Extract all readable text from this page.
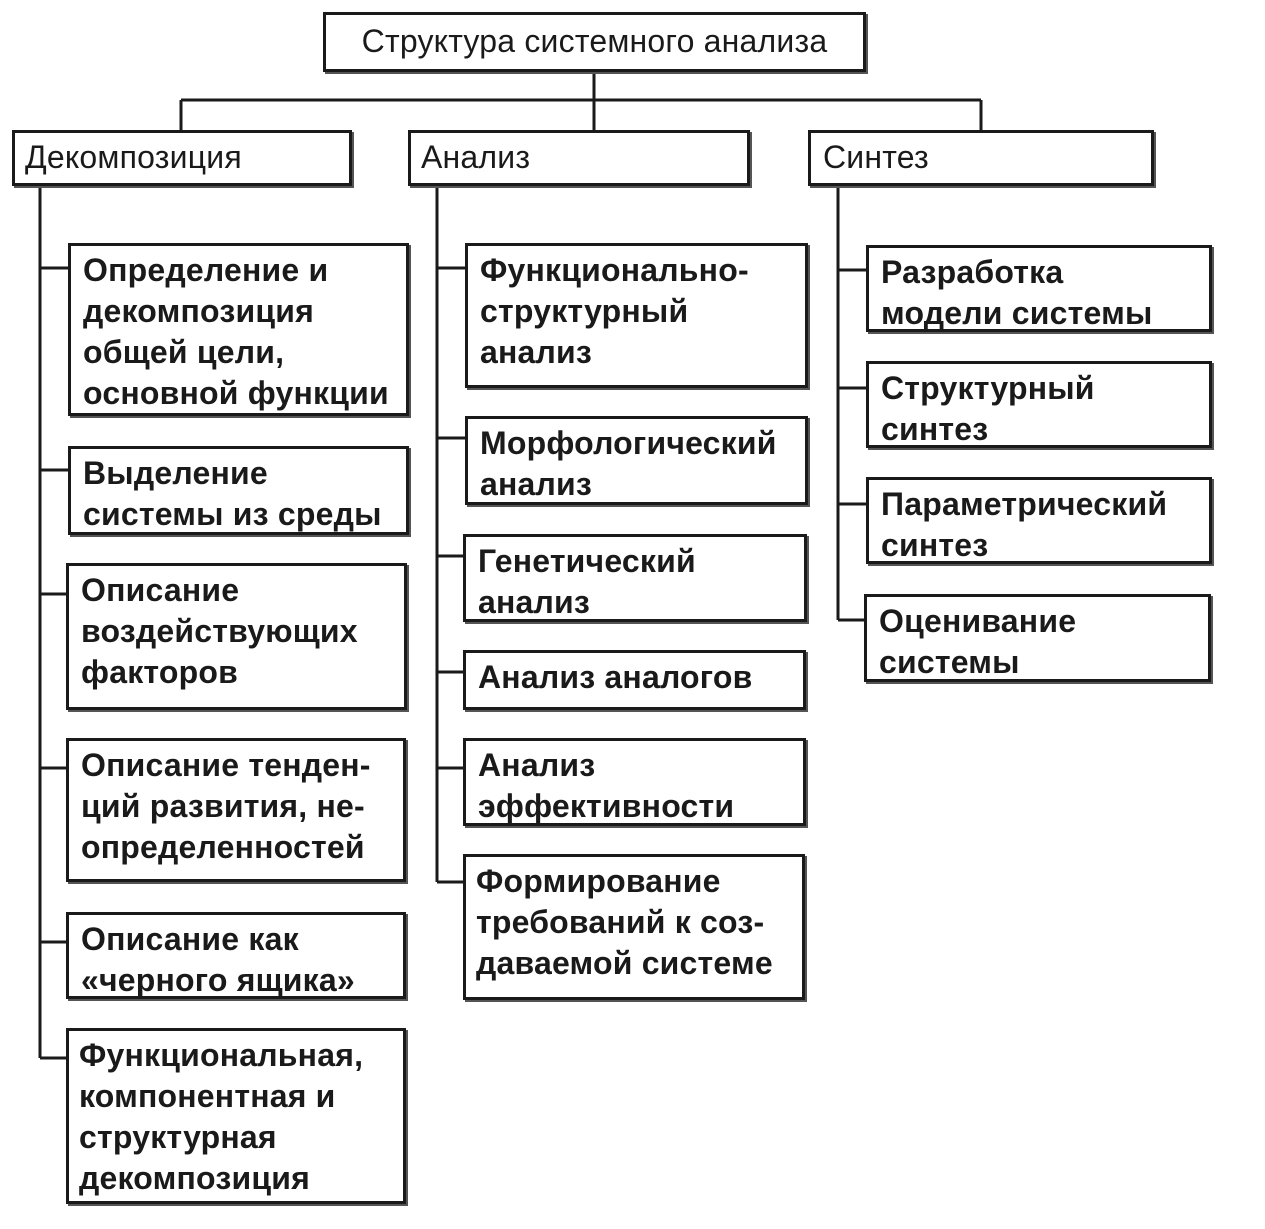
Структура системного анализа
Декомпозиция	Анализ	Синтез
Определение и
декомпозиция
общей цели,
основной функции
Выделение
системы из среды
Описание
воздействующих
факторов
Описание тенден-
ций развития, не-
определенностей
Описание как
«черного ящика»
Функциональная,
компонентная и
структурная
декомпозиция
Функционально-
структурный
анализ
Морфологический
анализ
Генетический
анализ
Анализ аналогов
Анализ
эффективности
Формирование
требований к соз-
даваемой системе
Разработка
модели системы
Структурный
синтез
Параметрический
синтез
Оценивание
системы
